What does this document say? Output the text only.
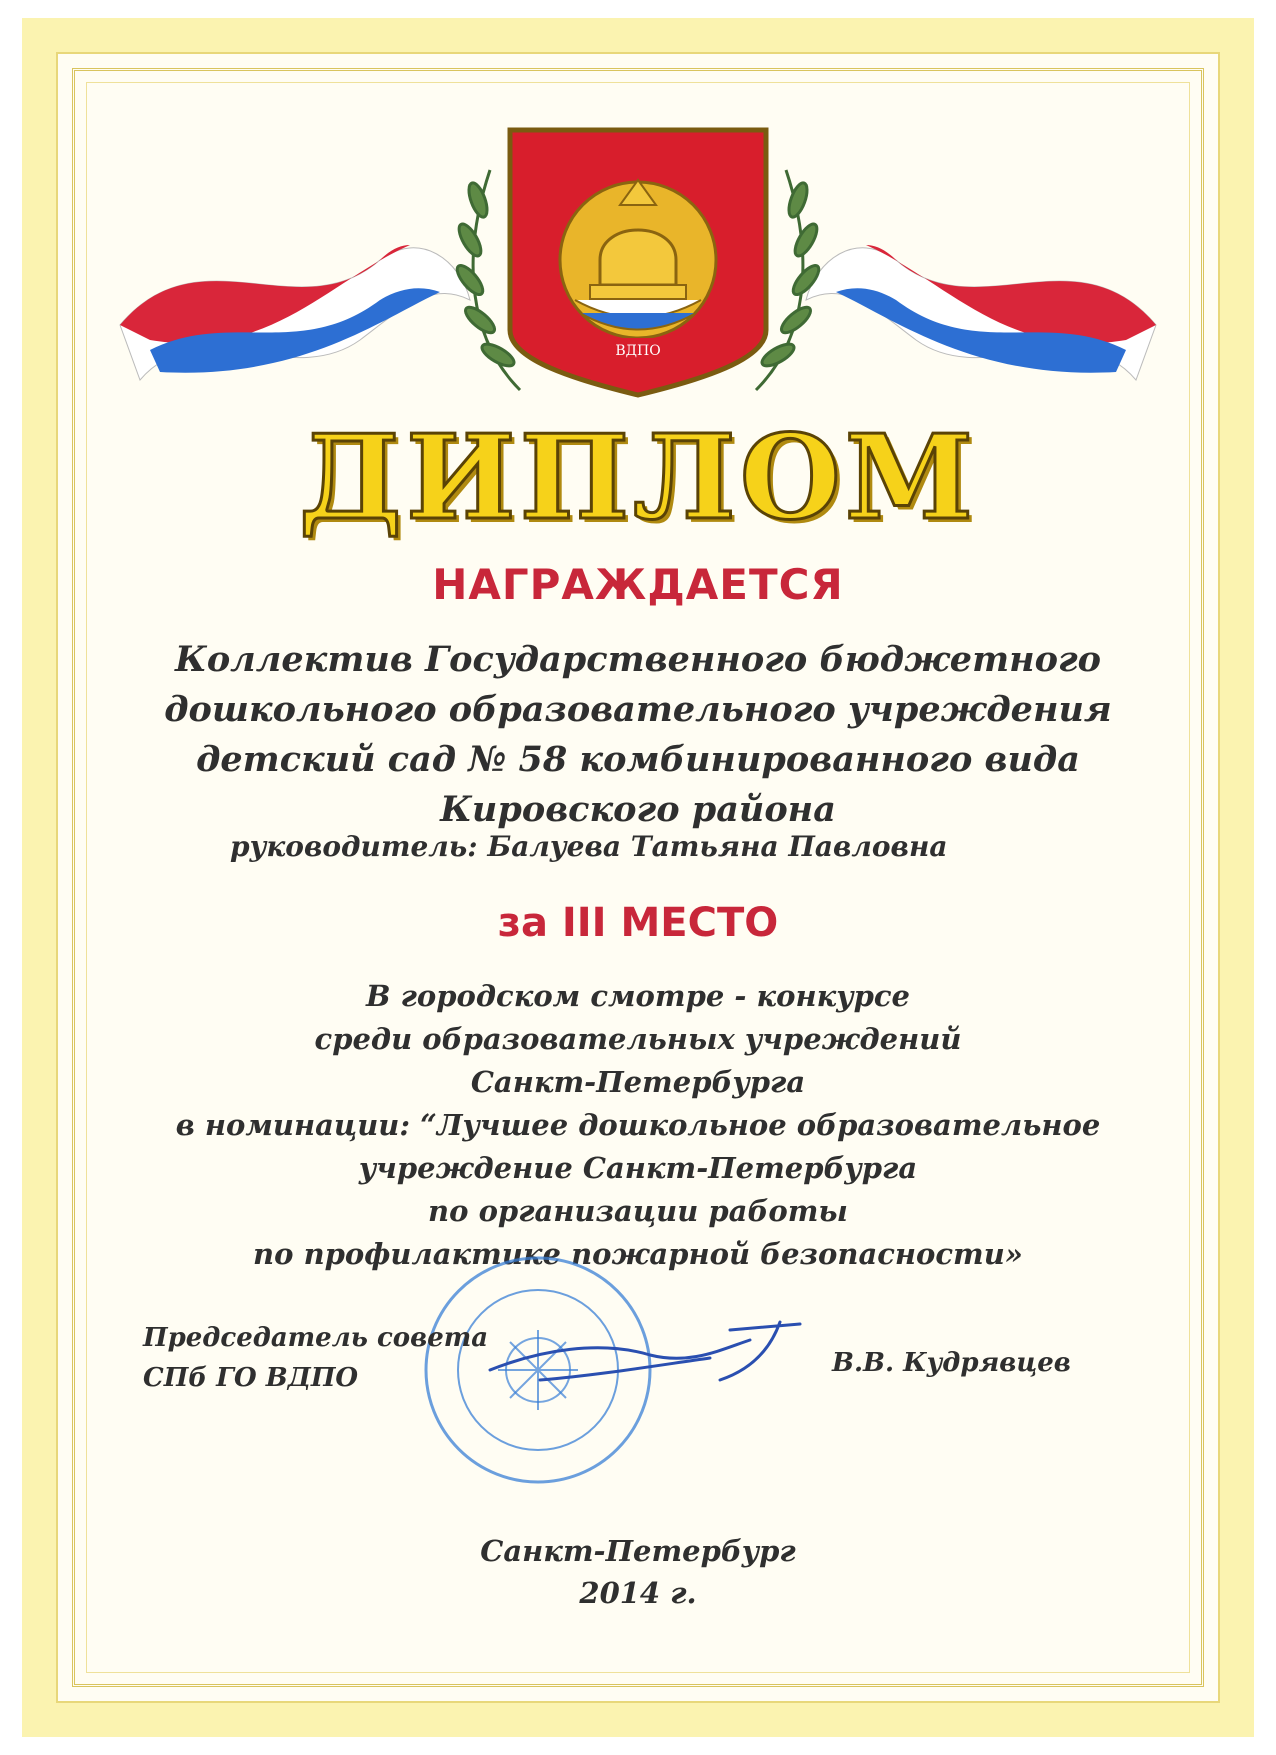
ВДПО
ДИПЛОМ
НАГРАЖДАЕТСЯ
Коллектив Государственного бюджетного
дошкольного образовательного учреждения
детский сад № 58 комбинированного вида
Кировского района
руководитель: Балуева Татьяна Павловна
за III МЕСТО
В городском смотре - конкурсе
среди образовательных учреждений
Санкт-Петербурга
в номинации: “Лучшее дошкольное образовательное
учреждение Санкт-Петербурга
по организации работы
по профилактике пожарной безопасности»
Председатель совета
СПб ГО ВДПО	В.В. Кудрявцев
Санкт-Петербург
2014 г.
